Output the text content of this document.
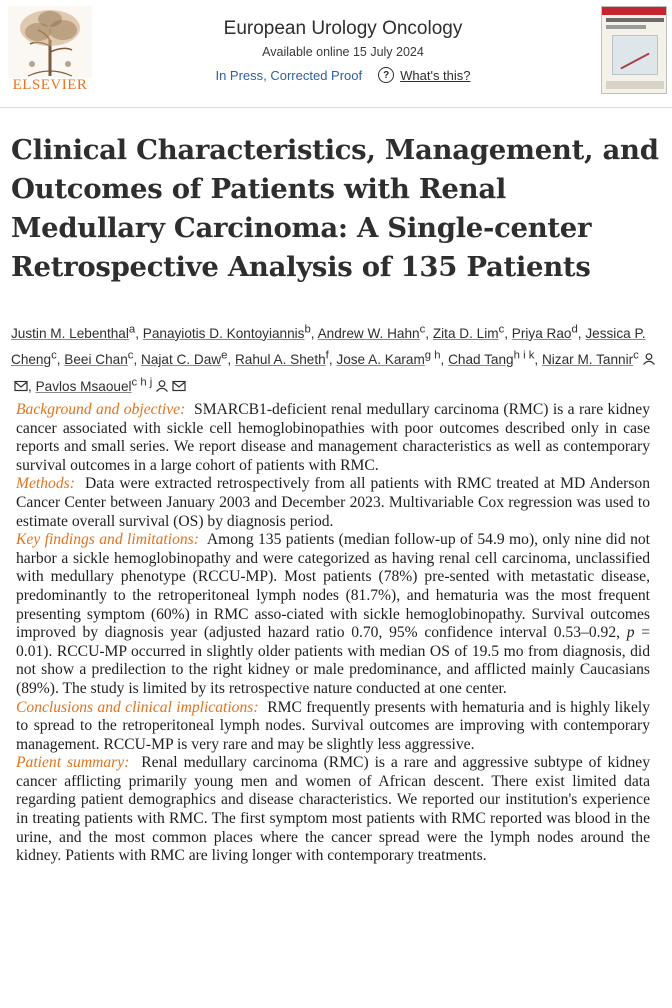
ELSEVIER
European Urology Oncology
Available online 15 July 2024
In Press, Corrected Proof	? What's this?
Clinical Characteristics, Management, and Outcomes of Patients with Renal Medullary Carcinoma: A Single-center Retrospective Analysis of 135 Patients
Justin M. Lebenthal$^a$, Panayiotis D. Kontoyiannis$^b$, Andrew W. Hahn$^c$, Zita D. Lim$^c$, Priya Rao$^d$, Jessica P. Cheng$^c$, Beei Chan$^c$, Najat C. Daw$^e$, Rahul A. Sheth$^f$, Jose A. Karam$^{g h}$, Chad Tang$^{h i k}$, Nizar M. Tannir$^c$, Pavlos Msaouel$^{c h j}$

Background and objective: SMARCB1-deficient renal medullary carcinoma (RMC) is a rare kidney cancer associated with sickle cell hemoglobinopathies with poor outcomes described only in case reports and small series. We report disease and management characteristics as well as contemporary survival outcomes in a large cohort of patients with RMC.

Methods: Data were extracted retrospectively from all patients with RMC treated at MD Anderson Cancer Center between January 2003 and December 2023. Multivariable Cox regression was used to estimate overall survival (OS) by diagnosis period.

Key findings and limitations: Among 135 patients (median follow-up of 54.9 mo), only nine did not harbor a sickle hemoglobinopathy and were categorized as having renal cell carcinoma, unclassified with medullary phenotype (RCCU-MP). Most patients (78%) pre-sented with metastatic disease, predominantly to the retroperitoneal lymph nodes (81.7%), and hematuria was the most frequent presenting symptom (60%) in RMC asso-ciated with sickle hemoglobinopathy. Survival outcomes improved by diagnosis year (adjusted hazard ratio 0.70, 95% confidence interval 0.53–0.92, p = 0.01). RCCU-MP occurred in slightly older patients with median OS of 19.5 mo from diagnosis, did not show a predilection to the right kidney or male predominance, and afflicted mainly Caucasians (89%). The study is limited by its retrospective nature conducted at one center.

Conclusions and clinical implications: RMC frequently presents with hematuria and is highly likely to spread to the retroperitoneal lymph nodes. Survival outcomes are improving with contemporary management. RCCU-MP is very rare and may be slightly less aggressive.

Patient summary: Renal medullary carcinoma (RMC) is a rare and aggressive subtype of kidney cancer afflicting primarily young men and women of African descent. There exist limited data regarding patient demographics and disease characteristics. We reported our institution's experience in treating patients with RMC. The first symptom most patients with RMC reported was blood in the urine, and the most common places where the cancer spread were the lymph nodes around the kidney. Patients with RMC are living longer with contemporary treatments.
